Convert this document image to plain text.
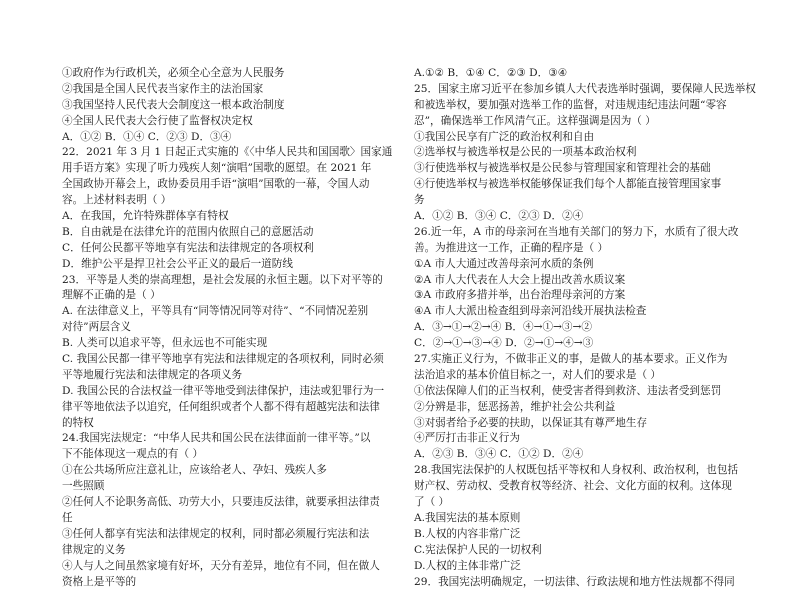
①政府作为行政机关，必须全心全意为人民服务
②我国是全国人民代表当家作主的法治国家
③我国坚持人民代表大会制度这一根本政治制度
④全国人民代表大会行使了监督权决定权
A．①② B．①④ C．②③ D．③④
22．2021 年 3 月 1 日起正式实施的《〈中华人民共和国国歌〉国家通
用手语方案》实现了听力残疾人刻“演唱”国歌的愿望。在 2021 年
全国政协开幕会上，政协委员用手语“演唱”国歌的一幕，令国人动
容。上述材料表明（ ）
A．在我国，允许特殊群体享有特权
B．自由就是在法律允许的范围内依照自己的意愿活动
C．任何公民都平等地享有宪法和法律规定的各项权利
D．维护公平是捍卫社会公平正义的最后一道防线
23．平等是人类的崇高理想，是社会发展的永恒主题。以下对平等的
理解不正确的是（ ）
A. 在法律意义上，平等具有“同等情况同等对待”、“不同情况差别
对待”两层含义
B. 人类可以追求平等，但永远也不可能实现
C. 我国公民都一律平等地享有宪法和法律规定的各项权利，同时必须
平等地履行宪法和法律规定的各项义务
D. 我国公民的合法权益一律平等地受到法律保护，违法或犯罪行为一
律平等地依法予以追究，任何组织或者个人都不得有超越宪法和法律
的特权
24.我国宪法规定：“中华人民共和国公民在法律面前一律平等。”以
下不能体现这一观点的有（ ）
①在公共场所应注意礼让，应该给老人、孕妇、残疾人多
一些照顾
②任何人不论职务高低、功劳大小，只要违反法律，就要承担法律责
任
③任何人都享有宪法和法律规定的权利，同时都必须履行宪法和法
律规定的义务
④人与人之间虽然家境有好坏，天分有差异，地位有不同，但在做人
资格上是平等的
A.①② B．①④ C．②③ D．③④
25．国家主席习近平在参加乡镇人大代表选举时强调，要保障人民选举权
和被选举权，要加强对选举工作的监督，对违规违纪违法问题“零容
忍”，确保选举工作风清气正。这样强调是因为（ ）
①我国公民享有广泛的政治权利和自由
②选举权与被选举权是公民的一项基本政治权利
③行使选举权与被选举权是公民参与管理国家和管理社会的基础
④行使选举权与被选举权能够保证我们每个人都能直接管理国家事
务
A．①② B．③④ C．②③ D．②④
26.近一年，A 市的母亲河在当地有关部门的努力下，水质有了很大改
善。为推进这一工作，正确的程序是（ ）
①A 市人大通过改善母亲河水质的条例
②A 市人大代表在人大会上提出改善水质议案
③A 市政府多措并举，出台治理母亲河的方案
④A 市人大派出检查组到母亲河沿线开展执法检查
A．③→①→②→④ B．④→①→③→②
C．②→①→③→④ D．②→①→④→③
27.实施正义行为，不做非正义的事，是做人的基本要求。正义作为
法治追求的基本价值目标之一，对人们的要求是（ ）
①依法保障人们的正当权利，使受害者得到救济、违法者受到惩罚
②分辨是非，惩恶扬善，维护社会公共利益
③对弱者给予必要的扶助，以保证其有尊严地生存
④严厉打击非正义行为
A．②③ B．③④ C．①② D．②④
28.我国宪法保护的人权既包括平等权和人身权利、政治权利，也包括
财产权、劳动权、受教育权等经济、社会、文化方面的权利。这体现
了（ ）
A.我国宪法的基本原则
B.人权的内容非常广泛
C.宪法保护人民的一切权利
D.人权的主体非常广泛
29．我国宪法明确规定，一切法律、行政法规和地方性法规都不得同
